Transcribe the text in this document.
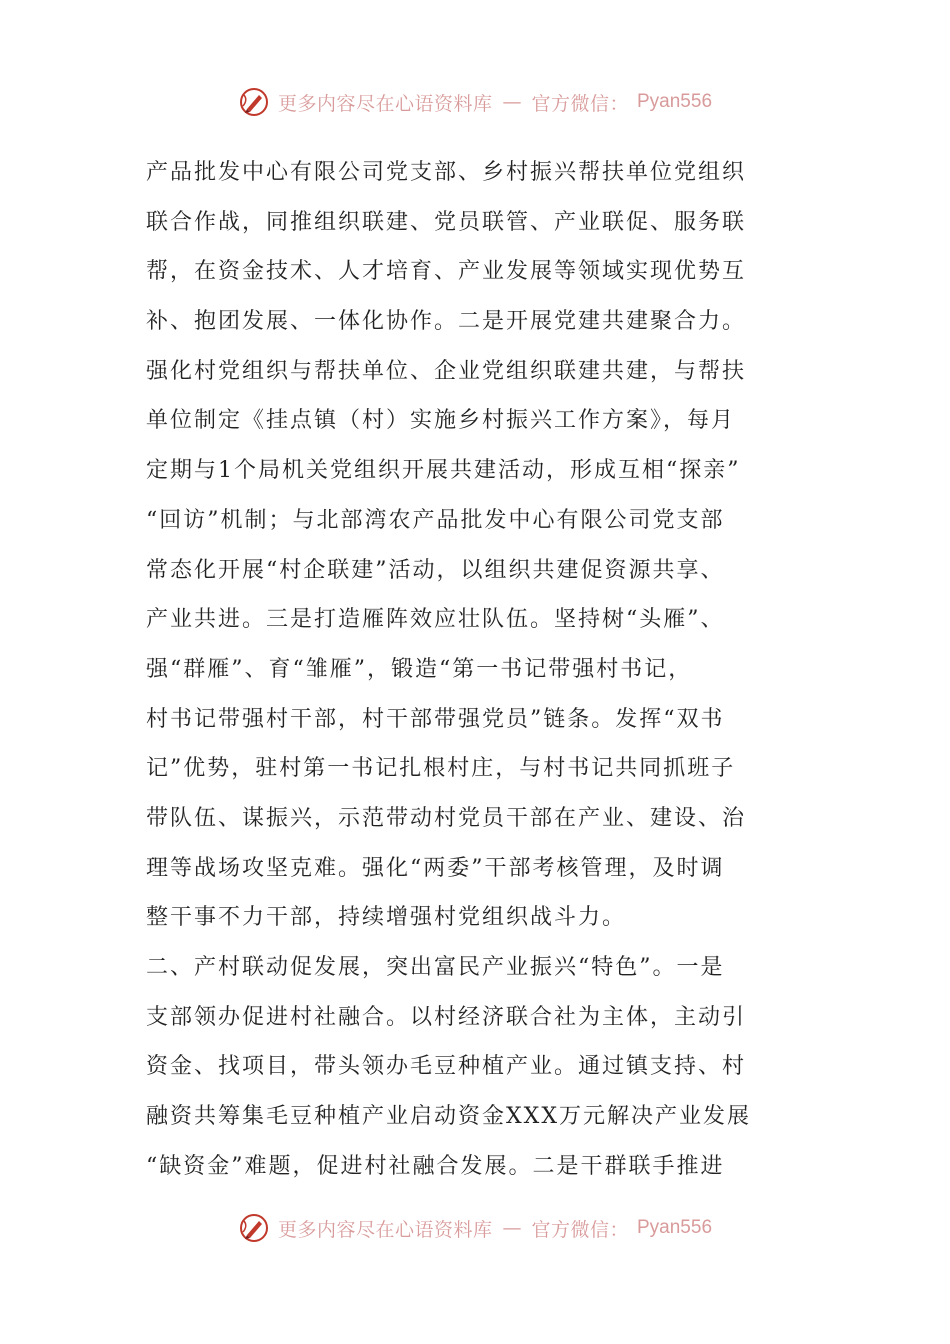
更多内容尽在心语资料库 — 官方微信： Pyan556
产品批发中心有限公司党支部、乡村振兴帮扶单位党组织
联合作战，同推组织联建、党员联管、产业联促、服务联
帮，在资金技术、人才培育、产业发展等领域实现优势互
补、抱团发展、一体化协作。二是开展党建共建聚合力。
强化村党组织与帮扶单位、企业党组织联建共建，与帮扶
单位制定《挂点镇（村）实施乡村振兴工作方案》，每月
定期与1个局机关党组织开展共建活动，形成互相“探亲”
“回访”机制；与北部湾农产品批发中心有限公司党支部
常态化开展“村企联建”活动，以组织共建促资源共享、
产业共进。三是打造雁阵效应壮队伍。坚持树“头雁”、
强“群雁”、育“雏雁”，锻造“第一书记带强村书记，
村书记带强村干部，村干部带强党员”链条。发挥“双书
记”优势，驻村第一书记扎根村庄，与村书记共同抓班子
带队伍、谋振兴，示范带动村党员干部在产业、建设、治
理等战场攻坚克难。强化“两委”干部考核管理，及时调
整干事不力干部，持续增强村党组织战斗力。
二、产村联动促发展，突出富民产业振兴“特色”。一是
支部领办促进村社融合。以村经济联合社为主体，主动引
资金、找项目，带头领办毛豆种植产业。通过镇支持、村
融资共筹集毛豆种植产业启动资金XXX万元解决产业发展
“缺资金”难题，促进村社融合发展。二是干群联手推进
更多内容尽在心语资料库 — 官方微信： Pyan556
